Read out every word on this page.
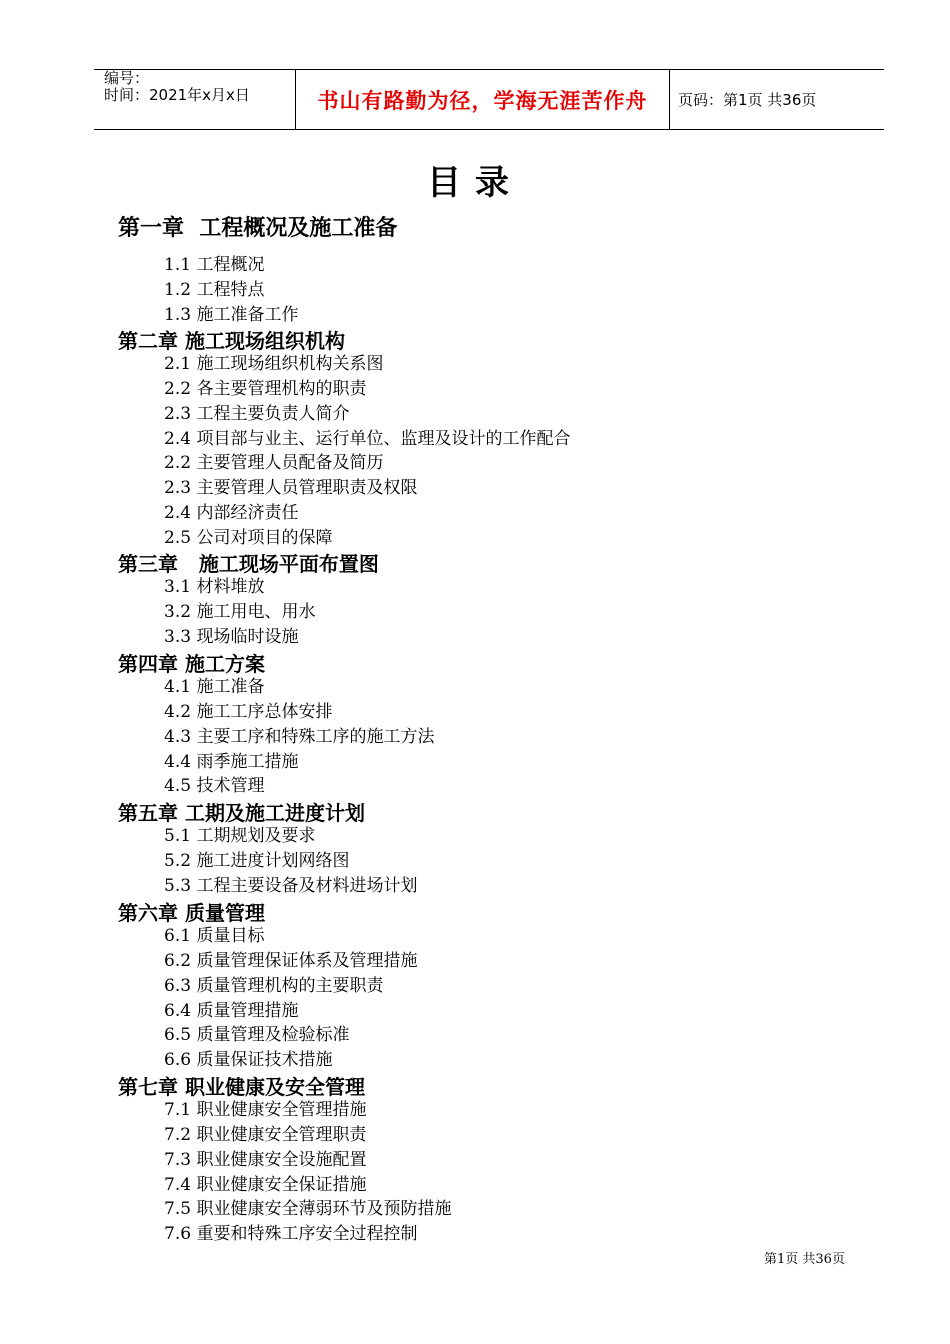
编号：
时间：2021年x月x日	书山有路勤为径，学海无涯苦作舟	页码：第1页 共36页
目录
第一章  工程概况及施工准备
1.1 工程概况
1.2 工程特点
1.3 施工准备工作
第二章 施工现场组织机构
2.1 施工现场组织机构关系图
2.2 各主要管理机构的职责
2.3 工程主要负责人简介
2.4 项目部与业主、运行单位、监理及设计的工作配合
2.2 主要管理人员配备及简历
2.3 主要管理人员管理职责及权限
2.4 内部经济责任
2.5 公司对项目的保障
第三章   施工现场平面布置图
3.1 材料堆放
3.2 施工用电、用水
3.3 现场临时设施
第四章 施工方案
4.1 施工准备
4.2 施工工序总体安排
4.3 主要工序和特殊工序的施工方法
4.4 雨季施工措施
4.5 技术管理
第五章 工期及施工进度计划
5.1 工期规划及要求
5.2 施工进度计划网络图
5.3 工程主要设备及材料进场计划
第六章 质量管理
6.1 质量目标
6.2 质量管理保证体系及管理措施
6.3 质量管理机构的主要职责
6.4 质量管理措施
6.5 质量管理及检验标准
6.6 质量保证技术措施
第七章 职业健康及安全管理
7.1 职业健康安全管理措施
7.2 职业健康安全管理职责
7.3 职业健康安全设施配置
7.4 职业健康安全保证措施
7.5 职业健康安全薄弱环节及预防措施
7.6 重要和特殊工序安全过程控制
第1页 共36页
